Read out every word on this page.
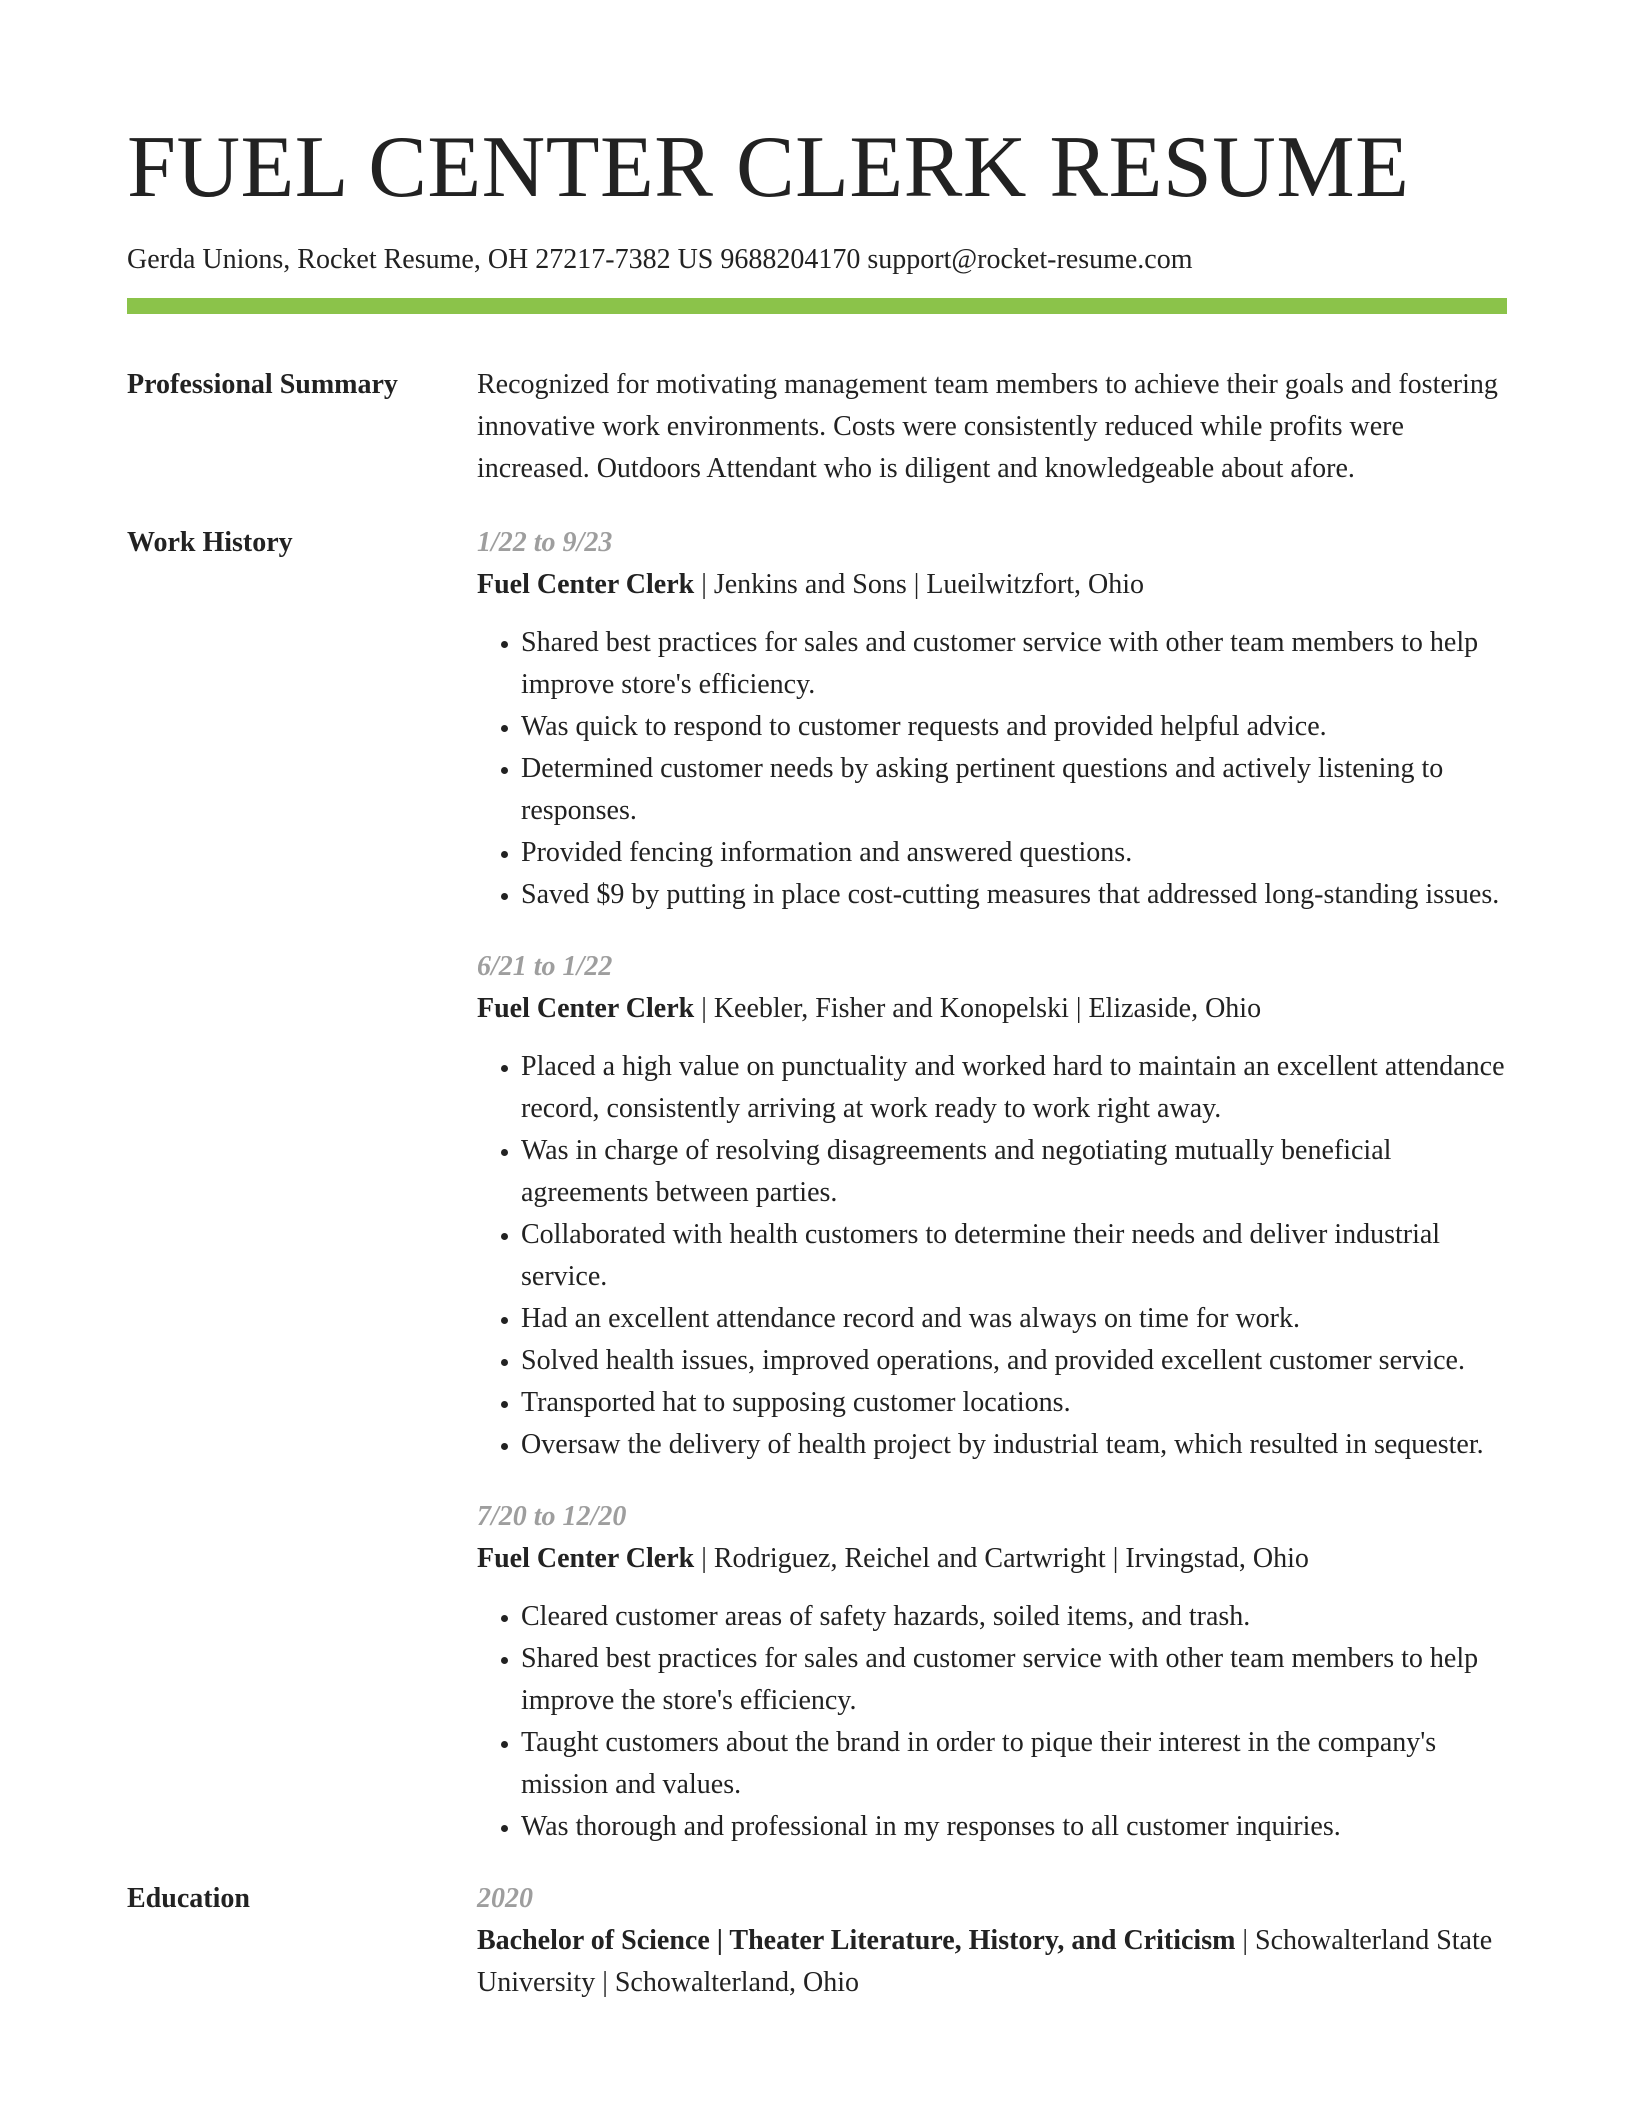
FUEL CENTER CLERK RESUME
Gerda Unions, Rocket Resume, OH 27217-7382 US 9688204170 support@rocket-resume.com
Professional Summary	Recognized for motivating management team members to achieve their goals and fostering innovative work environments. Costs were consistently reduced while profits were increased. Outdoors Attendant who is diligent and knowledgeable about afore.
Work History	1/22 to 9/23
Fuel Center Clerk | Jenkins and Sons | Lueilwitzfort, Ohio
• Shared best practices for sales and customer service with other team members to help improve store's efficiency.
• Was quick to respond to customer requests and provided helpful advice.
• Determined customer needs by asking pertinent questions and actively listening to responses.
• Provided fencing information and answered questions.
• Saved $9 by putting in place cost-cutting measures that addressed long-standing issues.
6/21 to 1/22
Fuel Center Clerk | Keebler, Fisher and Konopelski | Elizaside, Ohio
• Placed a high value on punctuality and worked hard to maintain an excellent attendance record, consistently arriving at work ready to work right away.
• Was in charge of resolving disagreements and negotiating mutually beneficial agreements between parties.
• Collaborated with health customers to determine their needs and deliver industrial service.
• Had an excellent attendance record and was always on time for work.
• Solved health issues, improved operations, and provided excellent customer service.
• Transported hat to supposing customer locations.
• Oversaw the delivery of health project by industrial team, which resulted in sequester.
7/20 to 12/20
Fuel Center Clerk | Rodriguez, Reichel and Cartwright | Irvingstad, Ohio
• Cleared customer areas of safety hazards, soiled items, and trash.
• Shared best practices for sales and customer service with other team members to help improve the store's efficiency.
• Taught customers about the brand in order to pique their interest in the company's mission and values.
• Was thorough and professional in my responses to all customer inquiries.
Education	2020
Bachelor of Science | Theater Literature, History, and Criticism | Schowalterland State University | Schowalterland, Ohio
